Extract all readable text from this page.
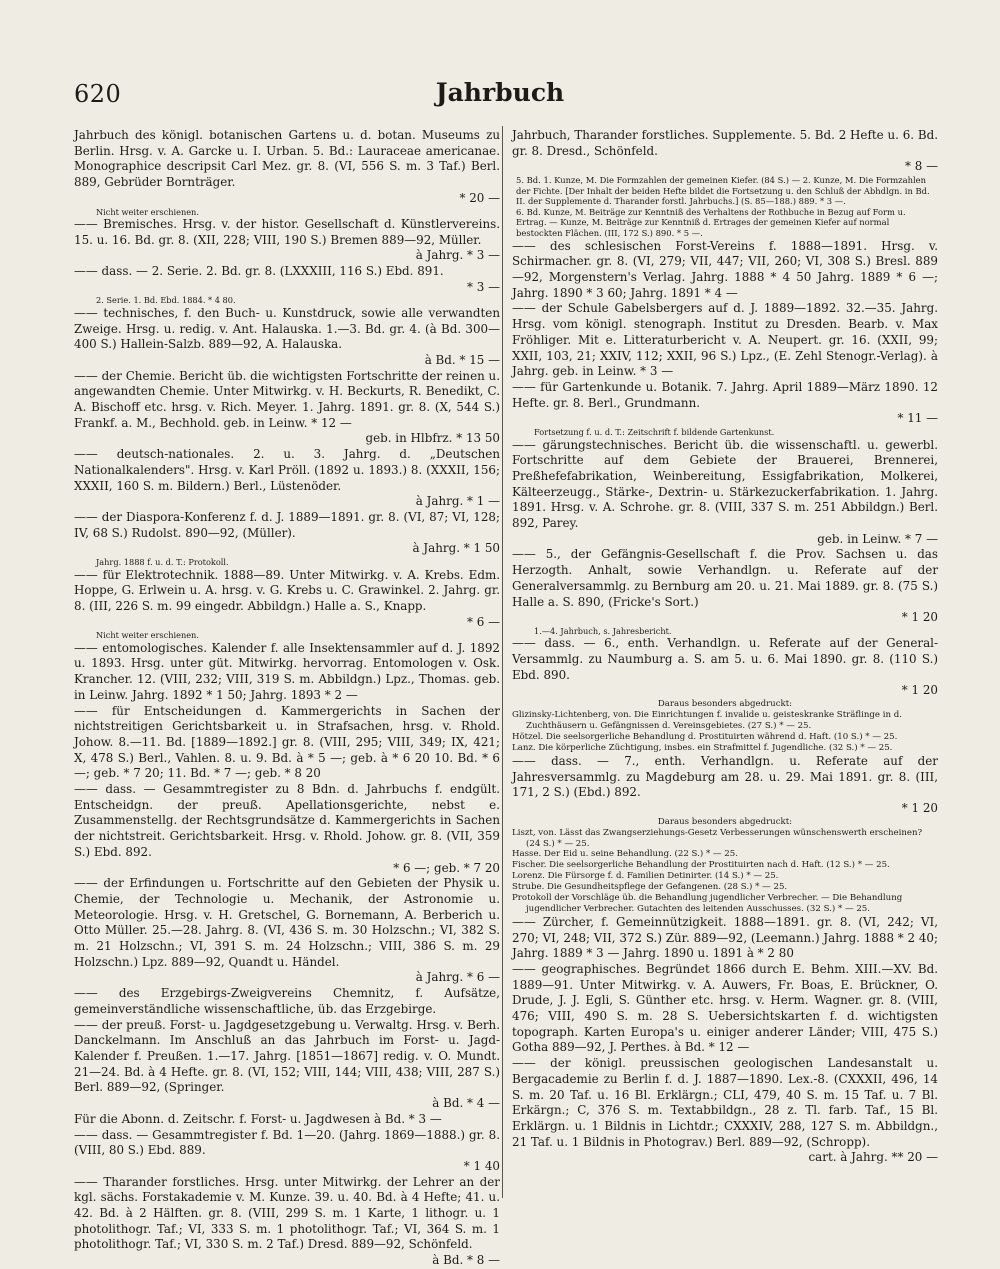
620	Jahrbuch
Jahrbuch des königl. botanischen Gartens u. d. botan. Museums zu Berlin. Hrsg. v. A. Garcke u. I. Urban. 5. Bd.: Lauraceae americanae. Monographice descripsit Carl Mez. gr. 8. (VI, 556 S. m. 3 Taf.) Berl. 889, Gebrüder Bornträger.
* 20 —
Nicht weiter erschienen.
—— Bremisches. Hrsg. v. der histor. Gesellschaft d. Künstlervereins. 15. u. 16. Bd. gr. 8. (XII, 228; VIII, 190 S.) Bremen 889—92, Müller.
à Jahrg. * 3 —
—— dass. — 2. Serie. 2. Bd. gr. 8. (LXXXIII, 116 S.) Ebd. 891.
* 3 —
2. Serie. 1. Bd. Ebd. 1884. * 4 80.
—— technisches, f. den Buch- u. Kunstdruck, sowie alle verwandten Zweige. Hrsg. u. redig. v. Ant. Halauska. 1.—3. Bd. gr. 4. (à Bd. 300—400 S.) Hallein-Salzb. 889—92, A. Halauska.
à Bd. * 15 —
—— der Chemie. Bericht üb. die wichtigsten Fortschritte der reinen u. angewandten Chemie. Unter Mitwirkg. v. H. Beckurts, R. Benedikt, C. A. Bischoff etc. hrsg. v. Rich. Meyer. 1. Jahrg. 1891. gr. 8. (X, 544 S.) Frankf. a. M., Bechhold. geb. in Leinw. * 12 —
geb. in Hlbfrz. * 13 50
—— deutsch-nationales. 2. u. 3. Jahrg. d. „Deutschen Nationalkalenders". Hrsg. v. Karl Pröll. (1892 u. 1893.) 8. (XXXII, 156; XXXII, 160 S. m. Bildern.) Berl., Lüstenöder.
à Jahrg. * 1 —
—— der Diaspora-Konferenz f. d. J. 1889—1891. gr. 8. (VI, 87; VI, 128; IV, 68 S.) Rudolst. 890—92, (Müller).
à Jahrg. * 1 50
Jahrg. 1888 f. u. d. T.: Protokoll.
—— für Elektrotechnik. 1888—89. Unter Mitwirkg. v. A. Krebs. Edm. Hoppe, G. Erlwein u. A. hrsg. v. G. Krebs u. C. Grawinkel. 2. Jahrg. gr. 8. (III, 226 S. m. 99 eingedr. Abbildgn.) Halle a. S., Knapp.
* 6 —
Nicht weiter erschienen.
—— entomologisches. Kalender f. alle Insektensammler auf d. J. 1892 u. 1893. Hrsg. unter güt. Mitwirkg. hervorrag. Entomologen v. Osk. Krancher. 12. (VIII, 232; VIII, 319 S. m. Abbildgn.) Lpz., Thomas. geb. in Leinw. Jahrg. 1892 * 1 50; Jahrg. 1893 * 2 —
—— für Entscheidungen d. Kammergerichts in Sachen der nichtstreitigen Gerichtsbarkeit u. in Strafsachen, hrsg. v. Rhold. Johow. 8.—11. Bd. [1889—1892.] gr. 8. (VIII, 295; VIII, 349; IX, 421; X, 478 S.) Berl., Vahlen. 8. u. 9. Bd. à * 5 —; geb. à * 6 20 10. Bd. * 6 —; geb. * 7 20; 11. Bd. * 7 —; geb. * 8 20
—— dass. — Gesammtregister zu 8 Bdn. d. Jahrbuchs f. endgült. Entscheidgn. der preuß. Apellationsgerichte, nebst e. Zusammenstellg. der Rechtsgrundsätze d. Kammergerichts in Sachen der nichtstreit. Gerichtsbarkeit. Hrsg. v. Rhold. Johow. gr. 8. (VII, 359 S.) Ebd. 892.
* 6 —; geb. * 7 20
—— der Erfindungen u. Fortschritte auf den Gebieten der Physik u. Chemie, der Technologie u. Mechanik, der Astronomie u. Meteorologie. Hrsg. v. H. Gretschel, G. Bornemann, A. Berberich u. Otto Müller. 25.—28. Jahrg. 8. (VI, 436 S. m. 30 Holzschn.; VI, 382 S. m. 21 Holzschn.; VI, 391 S. m. 24 Holzschn.; VIII, 386 S. m. 29 Holzschn.) Lpz. 889—92, Quandt u. Händel.
à Jahrg. * 6 —
—— des Erzgebirgs-Zweigvereins Chemnitz, f. Aufsätze, gemeinverständliche wissenschaftliche, üb. das Erzgebirge.
—— der preuß. Forst- u. Jagdgesetzgebung u. Verwaltg. Hrsg. v. Berh. Danckelmann. Im Anschluß an das Jahrbuch im Forst- u. Jagd-Kalender f. Preußen. 1.—17. Jahrg. [1851—1867] redig. v. O. Mundt. 21—24. Bd. à 4 Hefte. gr. 8. (VI, 152; VIII, 144; VIII, 438; VIII, 287 S.) Berl. 889—92, (Springer.
à Bd. * 4 —
Für die Abonn. d. Zeitschr. f. Forst- u. Jagdwesen à Bd. * 3 —
—— dass. — Gesammtregister f. Bd. 1—20. (Jahrg. 1869—1888.) gr. 8. (VIII, 80 S.) Ebd. 889.
* 1 40
—— Tharander forstliches. Hrsg. unter Mitwirkg. der Lehrer an der kgl. sächs. Forstakademie v. M. Kunze. 39. u. 40. Bd. à 4 Hefte; 41. u. 42. Bd. à 2 Hälften. gr. 8. (VIII, 299 S. m. 1 Karte, 1 lithogr. u. 1 photolithogr. Taf.; VI, 333 S. m. 1 photolithogr. Taf.; VI, 364 S. m. 1 photolithogr. Taf.; VI, 330 S. m. 2 Taf.) Dresd. 889—92, Schönfeld.
à Bd. * 8 —
Jahrbuch, Tharander forstliches. Supplemente. 5. Bd. 2 Hefte u. 6. Bd. gr. 8. Dresd., Schönfeld.
* 8 —
5. Bd. 1. Kunze, M. Die Formzahlen der gemeinen Kiefer. (84 S.) — 2. Kunze, M. Die Formzahlen der Fichte. [Der Inhalt der beiden Hefte bildet die Fortsetzung u. den Schluß der Abhdlgn. in Bd. II. der Supplemente d. Tharander forstl. Jahrbuchs.] (S. 85—188.) 889. * 3 —.
6. Bd. Kunze, M. Beiträge zur Kenntniß des Verhaltens der Rothbuche in Bezug auf Form u. Ertrag. — Kunze, M. Beiträge zur Kenntniß d. Ertrages der gemeinen Kiefer auf normal bestockten Flächen. (III, 172 S.) 890. * 5 —.
—— des schlesischen Forst-Vereins f. 1888—1891. Hrsg. v. Schirmacher. gr. 8. (VI, 279; VII, 447; VII, 260; VI, 308 S.) Bresl. 889—92, Morgenstern's Verlag. Jahrg. 1888 * 4 50 Jahrg. 1889 * 6 —; Jahrg. 1890 * 3 60; Jahrg. 1891 * 4 —
—— der Schule Gabelsbergers auf d. J. 1889—1892. 32.—35. Jahrg. Hrsg. vom königl. stenograph. Institut zu Dresden. Bearb. v. Max Fröhliger. Mit e. Litteraturbericht v. A. Neupert. gr. 16. (XXII, 99; XXII, 103, 21; XXIV, 112; XXII, 96 S.) Lpz., (E. Zehl Stenogr.-Verlag). à Jahrg. geb. in Leinw. * 3 —
—— für Gartenkunde u. Botanik. 7. Jahrg. April 1889—März 1890. 12 Hefte. gr. 8. Berl., Grundmann.
* 11 —
Fortsetzung f. u. d. T.: Zeitschrift f. bildende Gartenkunst.
—— gärungstechnisches. Bericht üb. die wissenschaftl. u. gewerbl. Fortschritte auf dem Gebiete der Brauerei, Brennerei, Preßhefefabrikation, Weinbereitung, Essigfabrikation, Molkerei, Kälteerzeugg., Stärke-, Dextrin- u. Stärkezuckerfabrikation. 1. Jahrg. 1891. Hrsg. v. A. Schrohe. gr. 8. (VIII, 337 S. m. 251 Abbildgn.) Berl. 892, Parey.
geb. in Leinw. * 7 —
—— 5., der Gefängnis-Gesellschaft f. die Prov. Sachsen u. das Herzogth. Anhalt, sowie Verhandlgn. u. Referate auf der Generalversammlg. zu Bernburg am 20. u. 21. Mai 1889. gr. 8. (75 S.) Halle a. S. 890, (Fricke's Sort.)
* 1 20
1.—4. Jahrbuch, s. Jahresbericht.
—— dass. — 6., enth. Verhandlgn. u. Referate auf der General-Versammlg. zu Naumburg a. S. am 5. u. 6. Mai 1890. gr. 8. (110 S.) Ebd. 890.
* 1 20
Daraus besonders abgedruckt:
Glizinsky-Lichtenberg, von. Die Einrichtungen f. invalide u. geisteskranke Sträflinge in d. Zuchthäusern u. Gefängnissen d. Vereinsgebietes. (27 S.) * — 25.
Hötzel. Die seelsorgerliche Behandlung d. Prostituirten während d. Haft. (10 S.) * — 25.
Lanz. Die körperliche Züchtigung, insbes. ein Strafmittel f. Jugendliche. (32 S.) * — 25.
—— dass. — 7., enth. Verhandlgn. u. Referate auf der Jahresversammlg. zu Magdeburg am 28. u. 29. Mai 1891. gr. 8. (III, 171, 2 S.) (Ebd.) 892.
* 1 20
Daraus besonders abgedruckt:
Liszt, von. Lässt das Zwangserziehungs-Gesetz Verbesserungen wünschenswerth erscheinen? (24 S.) * — 25.
Hasse. Der Eid u. seine Behandlung. (22 S.) * — 25.
Fischer. Die seelsorgerliche Behandlung der Prostituirten nach d. Haft. (12 S.) * — 25.
Lorenz. Die Fürsorge f. d. Familien Detinirter. (14 S.) * — 25.
Strube. Die Gesundheitspflege der Gefangenen. (28 S.) * — 25.
Protokoll der Vorschläge üb. die Behandlung jugendlicher Verbrecher. — Die Behandlung jugendlicher Verbrecher. Gutachten des leitenden Ausschusses. (32 S.) * — 25.
—— Zürcher, f. Gemeinnützigkeit. 1888—1891. gr. 8. (VI, 242; VI, 270; VI, 248; VII, 372 S.) Zür. 889—92, (Leemann.) Jahrg. 1888 * 2 40; Jahrg. 1889 * 3 — Jahrg. 1890 u. 1891 à * 2 80
—— geographisches. Begründet 1866 durch E. Behm. XIII.—XV. Bd. 1889—91. Unter Mitwirkg. v. A. Auwers, Fr. Boas, E. Brückner, O. Drude, J. J. Egli, S. Günther etc. hrsg. v. Herm. Wagner. gr. 8. (VIII, 476; VIII, 490 S. m. 28 S. Uebersichtskarten f. d. wichtigsten topograph. Karten Europa's u. einiger anderer Länder; VIII, 475 S.) Gotha 889—92, J. Perthes. à Bd. * 12 —
—— der königl. preussischen geologischen Landesanstalt u. Bergacademie zu Berlin f. d. J. 1887—1890. Lex.-8. (CXXXII, 496, 14 S. m. 20 Taf. u. 16 Bl. Erklärgn.; CLI, 479, 40 S. m. 15 Taf. u. 7 Bl. Erkärgn.; C, 376 S. m. Textabbildgn., 28 z. Tl. farb. Taf., 15 Bl. Erklärgn. u. 1 Bildnis in Lichtdr.; CXXXIV, 288, 127 S. m. Abbildgn., 21 Taf. u. 1 Bildnis in Photograv.) Berl. 889—92, (Schropp).
cart. à Jahrg. ** 20 —
